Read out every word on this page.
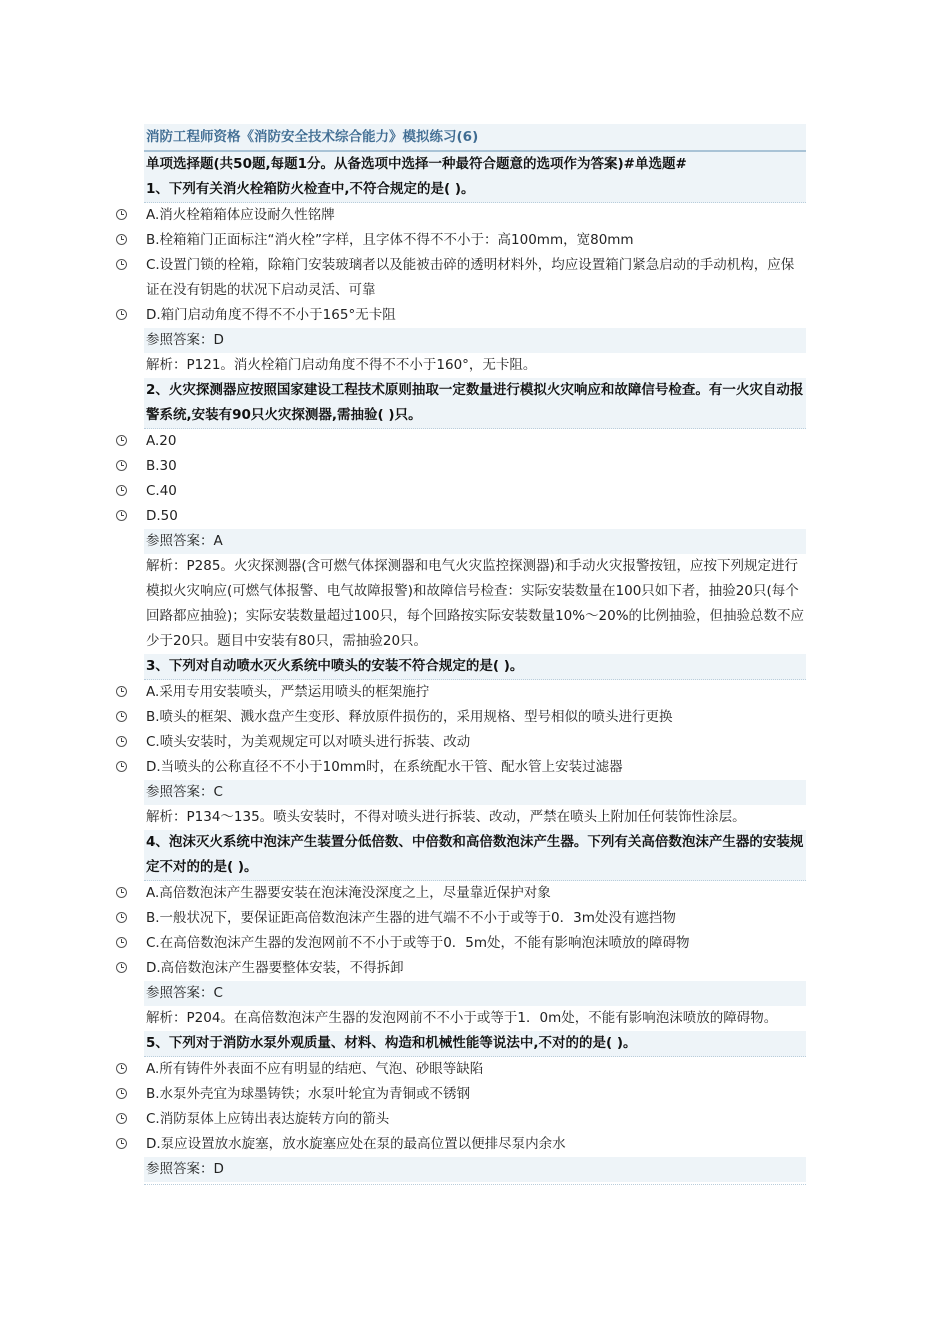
消防工程师资格《消防安全技术综合能力》模拟练习(6)
单项选择题(共50题,每题1分。从备选项中选择一种最符合题意的选项作为答案)#单选题#
1、下列有关消火栓箱防火检查中,不符合规定的是( )。
A.消火栓箱箱体应设耐久性铭牌
B.栓箱箱门正面标注“消火栓”字样，且字体不得不不小于：高100mm，宽80mm
C.设置门锁的栓箱，除箱门安装玻璃者以及能被击碎的透明材料外，均应设置箱门紧急启动的手动机构，应保证在没有钥匙的状况下启动灵活、可靠
D.箱门启动角度不得不不小于165°无卡阻
参照答案：D
解析：P121。消火栓箱门启动角度不得不不小于160°，无卡阻。
2、火灾探测器应按照国家建设工程技术原则抽取一定数量进行模拟火灾响应和故障信号检查。有一火灾自动报警系统,安装有90只火灾探测器,需抽验( )只。
A.20
B.30
C.40
D.50
参照答案：A
解析：P285。火灾探测器(含可燃气体探测器和电气火灾监控探测器)和手动火灾报警按钮，应按下列规定进行模拟火灾响应(可燃气体报警、电气故障报警)和故障信号检查：实际安装数量在100只如下者，抽验20只(每个回路都应抽验)；实际安装数量超过100只，每个回路按实际安装数量10%～20%的比例抽验，但抽验总数不应少于20只。题目中安装有80只，需抽验20只。
3、下列对自动喷水灭火系统中喷头的安装不符合规定的是( )。
A.采用专用安装喷头，严禁运用喷头的框架施拧
B.喷头的框架、溅水盘产生变形、释放原件损伤的，采用规格、型号相似的喷头进行更换
C.喷头安装时，为美观规定可以对喷头进行拆装、改动
D.当喷头的公称直径不不小于10mm时，在系统配水干管、配水管上安装过滤器
参照答案：C
解析：P134～135。喷头安装时，不得对喷头进行拆装、改动，严禁在喷头上附加任何装饰性涂层。
4、泡沫灭火系统中泡沫产生装置分低倍数、中倍数和高倍数泡沫产生器。下列有关高倍数泡沫产生器的安装规定不对的的是( )。
A.高倍数泡沫产生器要安装在泡沫淹没深度之上，尽量靠近保护对象
B.一般状况下，要保证距高倍数泡沫产生器的进气端不不小于或等于0．3m处没有遮挡物
C.在高倍数泡沫产生器的发泡网前不不小于或等于0．5m处，不能有影响泡沫喷放的障碍物
D.高倍数泡沫产生器要整体安装，不得拆卸
参照答案：C
解析：P204。在高倍数泡沫产生器的发泡网前不不小于或等于1．0m处，不能有影响泡沫喷放的障碍物。
5、下列对于消防水泵外观质量、材料、构造和机械性能等说法中,不对的的是( )。
A.所有铸件外表面不应有明显的结疤、气泡、砂眼等缺陷
B.水泵外壳宜为球墨铸铁；水泵叶轮宜为青铜或不锈钢
C.消防泵体上应铸出表达旋转方向的箭头
D.泵应设置放水旋塞，放水旋塞应处在泵的最高位置以便排尽泵内余水
参照答案：D
